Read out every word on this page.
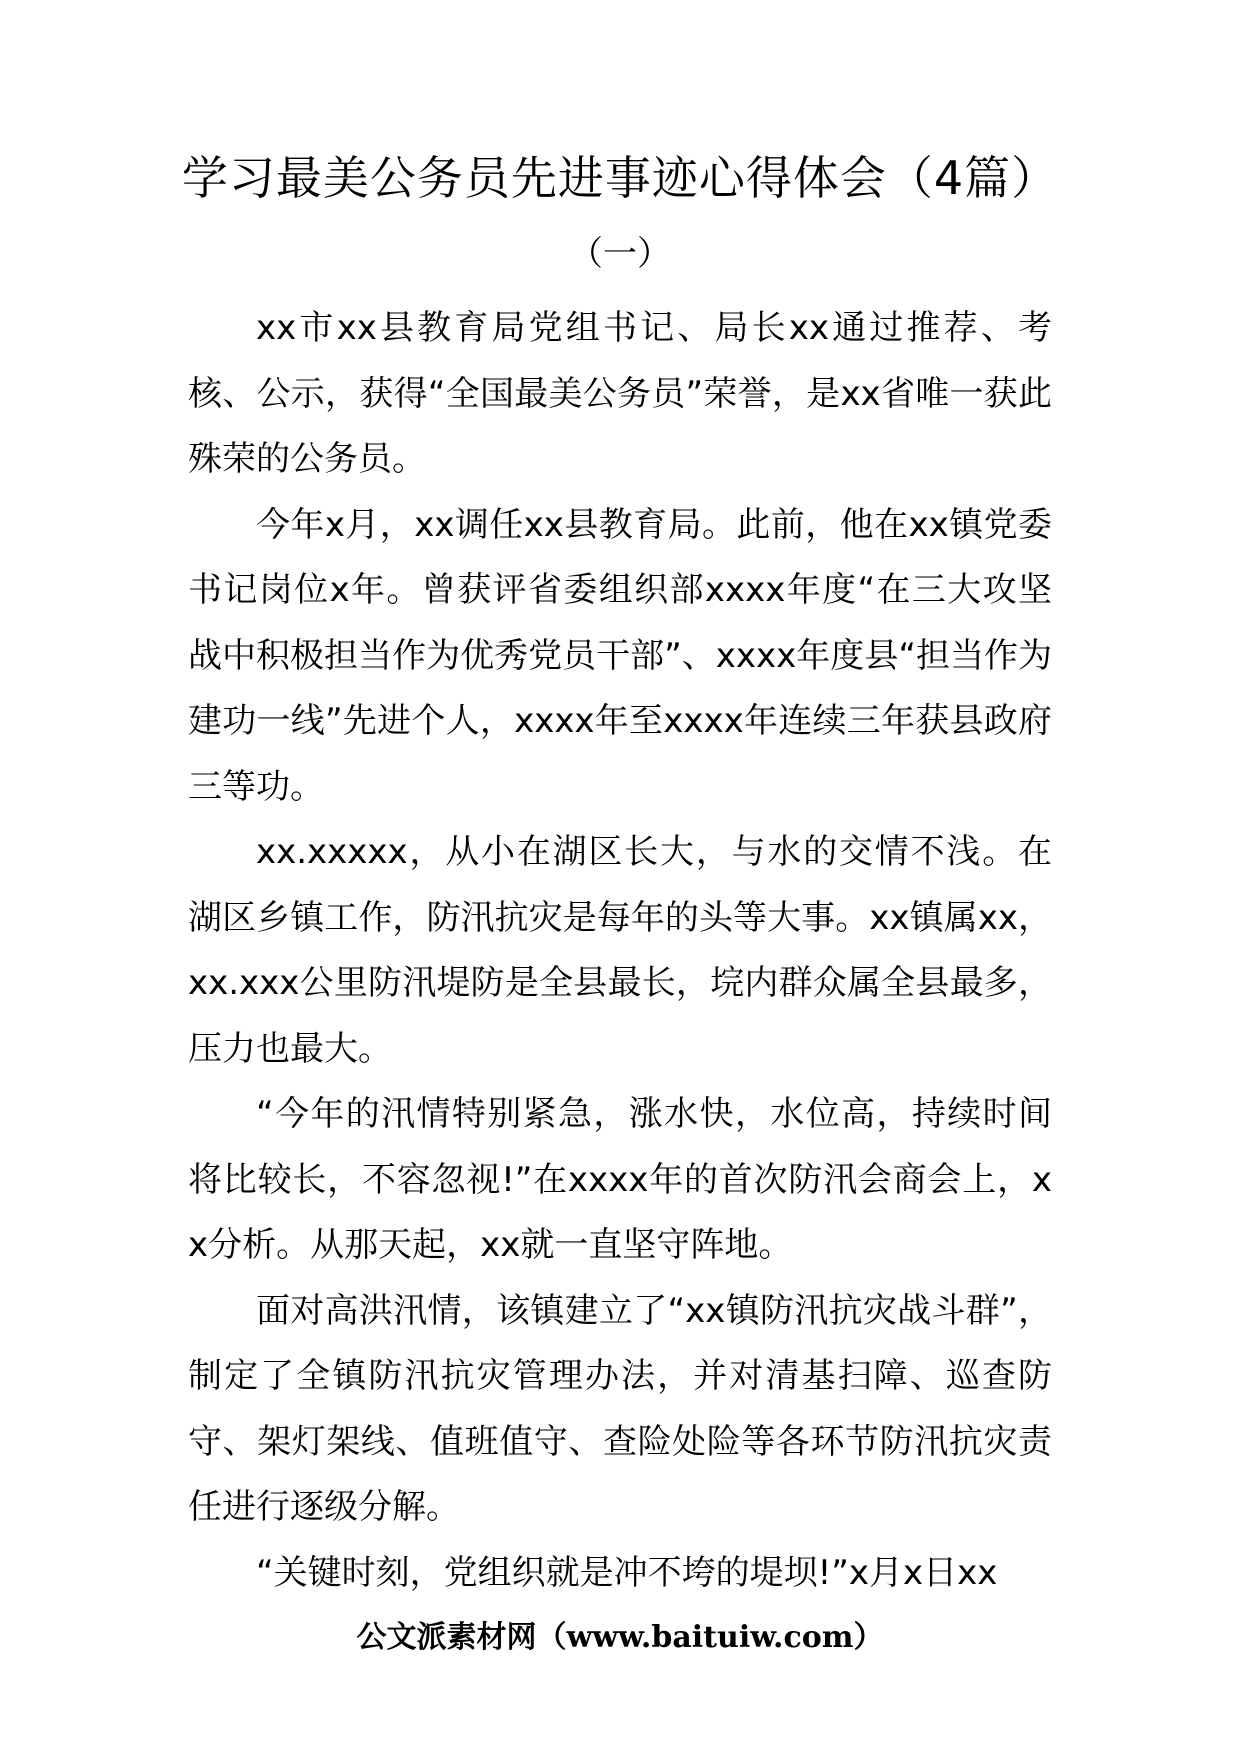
学习最美公务员先进事迹心得体会（4篇）
（一）

xx市xx县教育局党组书记、局长xx通过推荐、考核、公示，获得“全国最美公务员”荣誉，是xx省唯一获此殊荣的公务员。

今年x月，xx调任xx县教育局。此前，他在xx镇党委书记岗位x年。曾获评省委组织部xxxx年度“在三大攻坚战中积极担当作为优秀党员干部”、xxxx年度县“担当作为建功一线”先进个人，xxxx年至xxxx年连续三年获县政府三等功。

xx.xxxxx，从小在湖区长大，与水的交情不浅。在湖区乡镇工作，防汛抗灾是每年的头等大事。xx镇属xx，xx.xxx公里防汛堤防是全县最长，垸内群众属全县最多，压力也最大。

“今年的汛情特别紧急，涨水快，水位高，持续时间将比较长，不容忽视!”在xxxx年的首次防汛会商会上，xx分析。从那天起，xx就一直坚守阵地。

面对高洪汛情，该镇建立了“xx镇防汛抗灾战斗群”，制定了全镇防汛抗灾管理办法，并对清基扫障、巡查防守、架灯架线、值班值守、查险处险等各环节防汛抗灾责任进行逐级分解。

“关键时刻，党组织就是冲不垮的堤坝!”x月x日xx

公文派素材网（www.baituiw.com）
